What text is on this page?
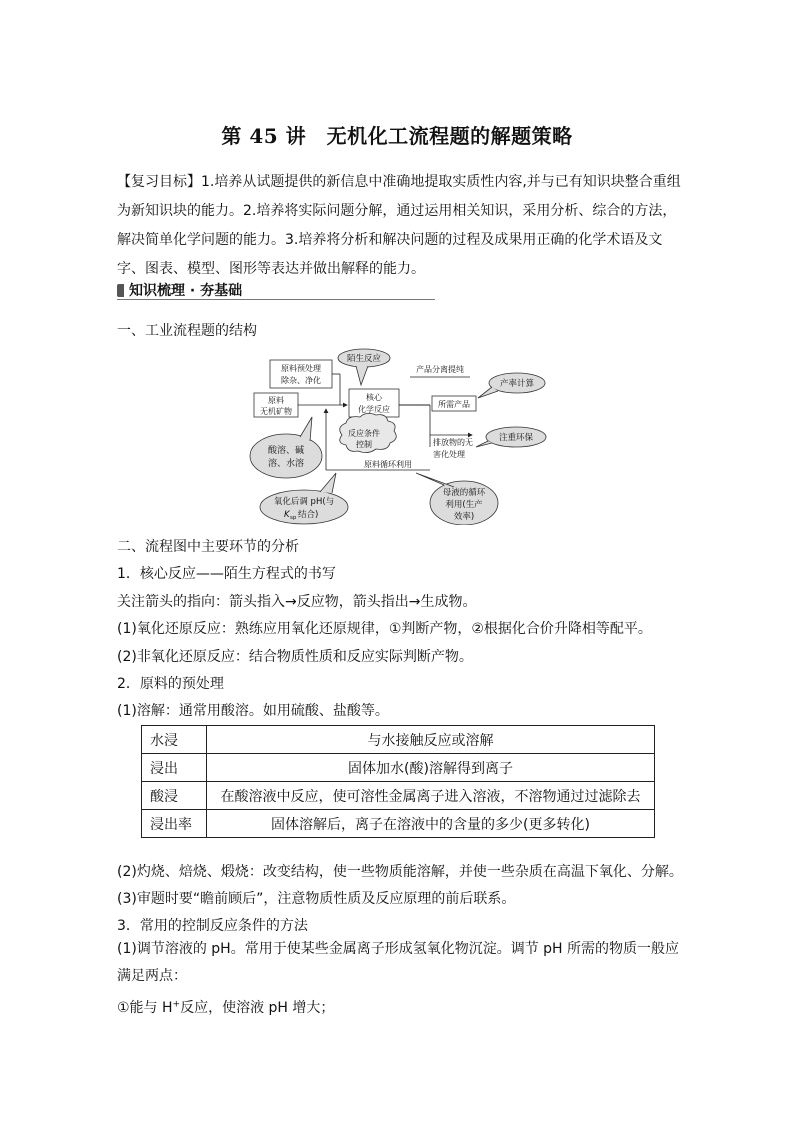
第 45 讲　无机化工流程题的解题策略
【复习目标】1.培养从试题提供的新信息中准确地提取实质性内容,并与已有知识块整合重组为新知识块的能力。2.培养将实际问题分解，通过运用相关知识，采用分析、综合的方法，解决简单化学问题的能力。3.培养将分析和解决问题的过程及成果用正确的化学术语及文字、图表、模型、图形等表达并做出解释的能力。
知识梳理 · 夯基础
一、工业流程题的结构
原料预处理
除杂、净化
原料
无机矿物
陌生反应
核心
化学反应
产品分离提纯
所需产品
产率计算
反应条件
控制
酸溶、碱
溶、水溶	原料循环利用
排放物的无
害化处理
注重环保
氧化后调 pH(与
K sp 结合)
母液的循环
利用(生产
效率)
二、流程图中主要环节的分析
1．核心反应——陌生方程式的书写
关注箭头的指向：箭头指入→反应物，箭头指出→生成物。
(1)氧化还原反应：熟练应用氧化还原规律，①判断产物，②根据化合价升降相等配平。
(2)非氧化还原反应：结合物质性质和反应实际判断产物。
2．原料的预处理
(1)溶解：通常用酸溶。如用硫酸、盐酸等。
水浸	与水接触反应或溶解
浸出	固体加水(酸)溶解得到离子
酸浸	在酸溶液中反应，使可溶性金属离子进入溶液，不溶物通过过滤除去
浸出率	固体溶解后，离子在溶液中的含量的多少(更多转化)
(2)灼烧、焙烧、煅烧：改变结构，使一些物质能溶解，并使一些杂质在高温下氧化、分解。
(3)审题时要“瞻前顾后”，注意物质性质及反应原理的前后联系。
3．常用的控制反应条件的方法
(1)调节溶液的 pH。常用于使某些金属离子形成氢氧化物沉淀。调节 pH 所需的物质一般应满足两点：
①能与 H+反应，使溶液 pH 增大；
